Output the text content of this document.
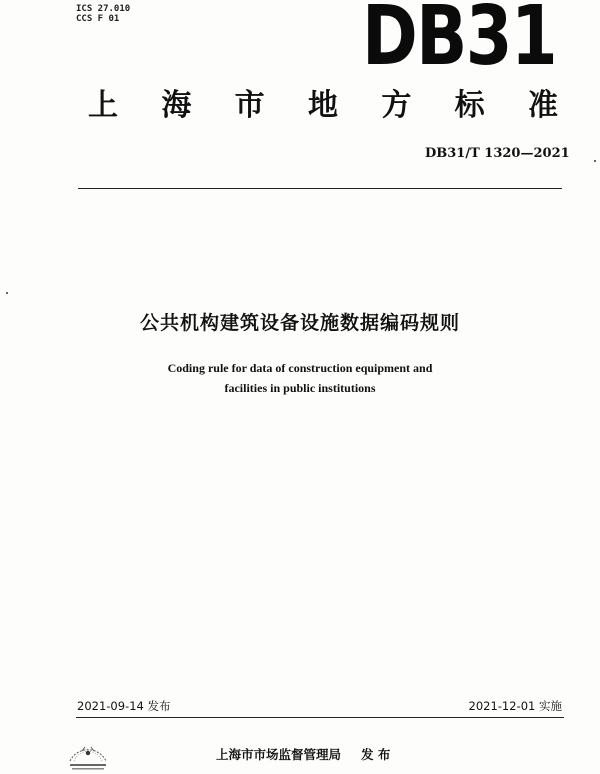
ICS 27.010
CCS F 01	DB31
上 海 市 地 方 标 准
DB31/T 1320—2021
公共机构建筑设备设施数据编码规则
Coding rule for data of construction equipment and
facilities in public institutions
2021-09-14 发布	2021-12-01 实施
上海市市场监督管理局 发 布
